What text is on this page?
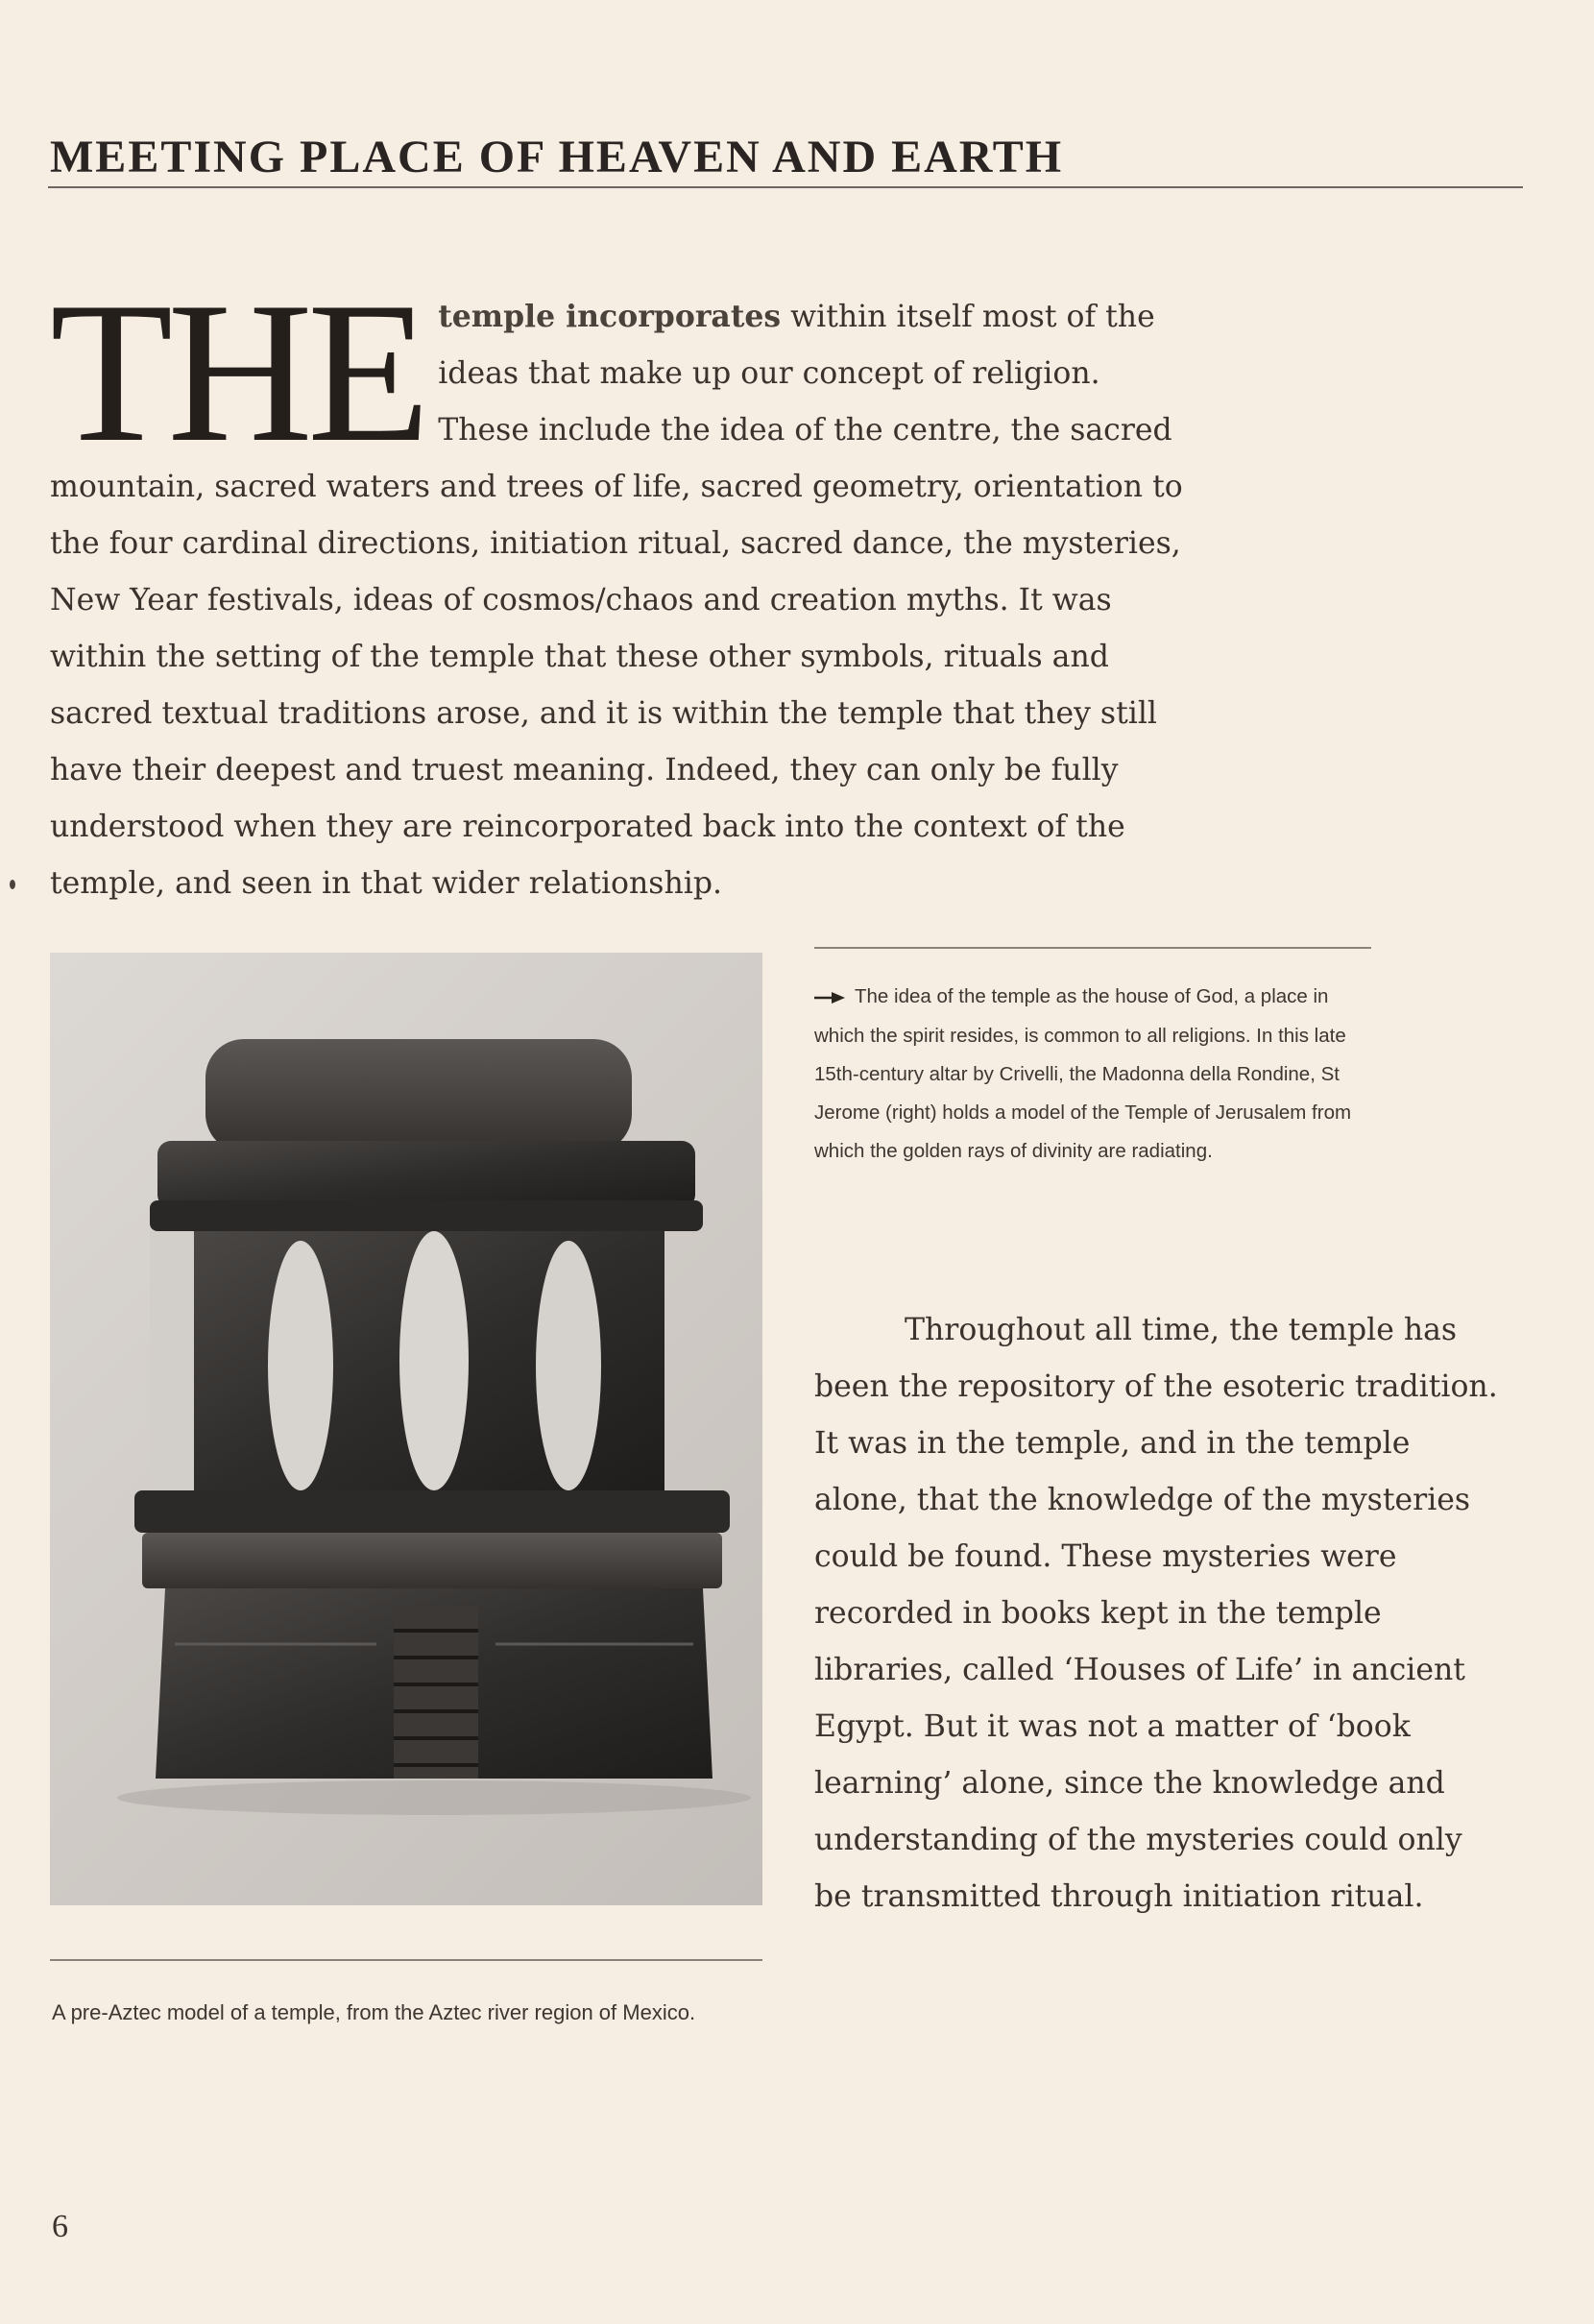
MEETING PLACE OF HEAVEN AND EARTH
THE temple incorporates within itself most of the ideas that make up our concept of religion. These include the idea of the centre, the sacred mountain, sacred waters and trees of life, sacred geometry, orientation to the four cardinal directions, initiation ritual, sacred dance, the mysteries, New Year festivals, ideas of cosmos/chaos and creation myths. It was within the setting of the temple that these other symbols, rituals and sacred textual traditions arose, and it is within the temple that they still have their deepest and truest meaning. Indeed, they can only be fully understood when they are reincorporated back into the context of the temple, and seen in that wider relationship.

A pre-Aztec model of a temple, from the Aztec river region of Mexico.

The idea of the temple as the house of God, a place in which the spirit resides, is common to all religions. In this late 15th-century altar by Crivelli, the Madonna della Rondine, St Jerome (right) holds a model of the Temple of Jerusalem from which the golden rays of divinity are radiating.

Throughout all time, the temple has been the repository of the esoteric tradition. It was in the temple, and in the temple alone, that the knowledge of the mysteries could be found. These mysteries were recorded in books kept in the temple libraries, called ‘Houses of Life’ in ancient Egypt. But it was not a matter of ‘book learning’ alone, since the knowledge and understanding of the mysteries could only be transmitted through initiation ritual.

6
